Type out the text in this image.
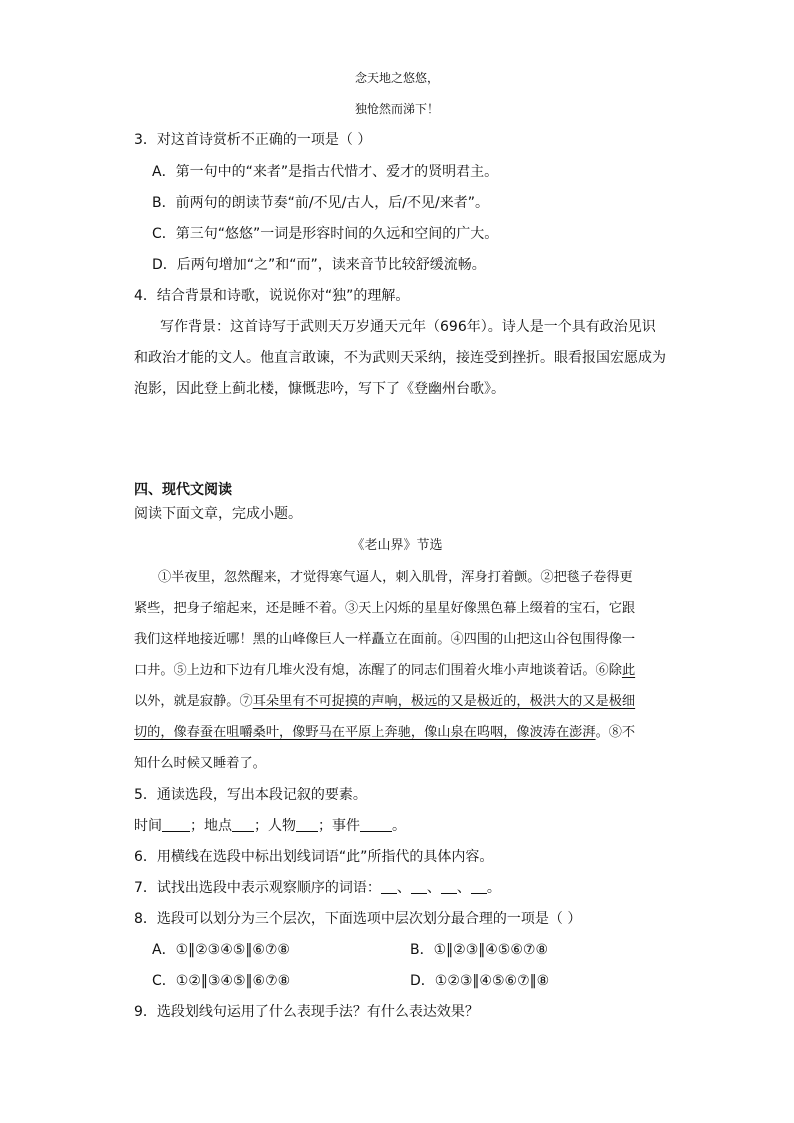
念天地之悠悠，
独怆然而涕下！
3．对这首诗赏析不正确的一项是（ ）
A．第一句中的“来者”是指古代惜才、爱才的贤明君主。
B．前两句的朗读节奏“前/不见/古人，后/不见/来者”。
C．第三句“悠悠”一词是形容时间的久远和空间的广大。
D．后两句增加“之”和“而”，读来音节比较舒缓流畅。
4．结合背景和诗歌，说说你对“独”的理解。
写作背景：这首诗写于武则天万岁通天元年（696年）。诗人是一个具有政治见识
和政治才能的文人。他直言敢谏，不为武则天采纳，接连受到挫折。眼看报国宏愿成为
泡影，因此登上蓟北楼，慷慨悲吟，写下了《登幽州台歌》。
四、现代文阅读
阅读下面文章，完成小题。
《老山界》节选
①半夜里，忽然醒来，才觉得寒气逼人，刺入肌骨，浑身打着颤。②把毯子卷得更
紧些，把身子缩起来，还是睡不着。③天上闪烁的星星好像黑色幕上缀着的宝石，它跟
我们这样地接近哪！黑的山峰像巨人一样矗立在面前。④四围的山把这山谷包围得像一
口井。⑤上边和下边有几堆火没有熄，冻醒了的同志们围着火堆小声地谈着话。⑥除此
以外，就是寂静。⑦耳朵里有不可捉摸的声响，极远的又是极近的，极洪大的又是极细
切的，像春蚕在咀嚼桑叶，像野马在平原上奔驰，像山泉在呜咽，像波涛在澎湃。⑧不
知什么时候又睡着了。
5．通读选段，写出本段记叙的要素。
时间 ；地点 ；人物 ；事件 。
6．用横线在选段中标出划线词语“此”所指代的具体内容。
7．试找出选段中表示观察顺序的词语： 、 、 、 。
8．选段可以划分为三个层次，下面选项中层次划分最合理的一项是（ ）
A．①‖②③④⑤‖⑥⑦⑧	B．①‖②③‖④⑤⑥⑦⑧
C．①②‖③④⑤‖⑥⑦⑧	D．①②③‖④⑤⑥⑦‖⑧
9．选段划线句运用了什么表现手法？有什么表达效果？
